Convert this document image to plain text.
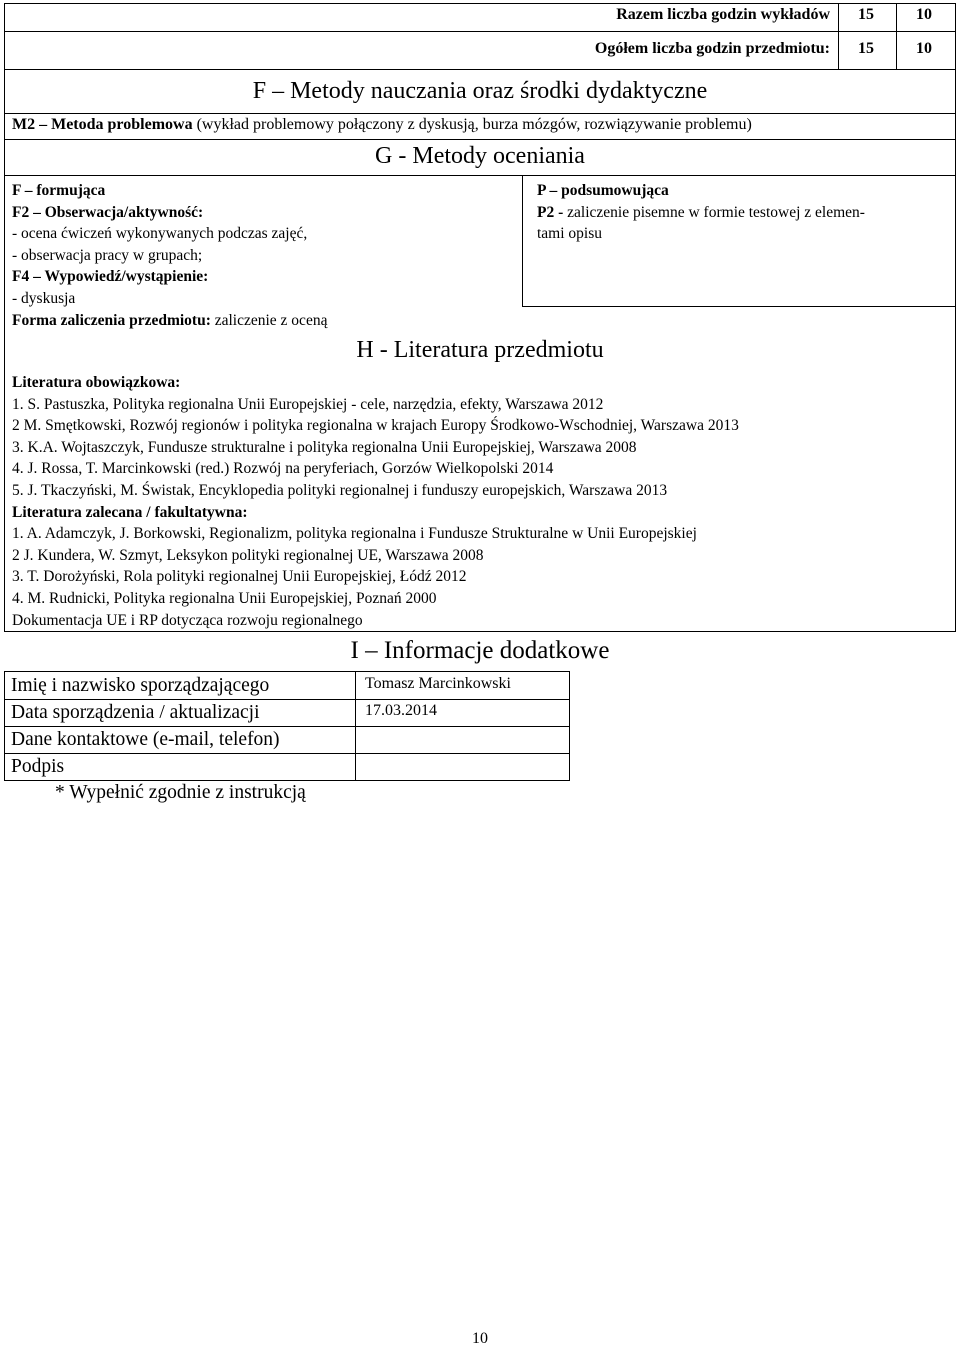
Razem liczba godzin wykładów 15	10
Ogółem liczba godzin przedmiotu: 15	10
F – Metody nauczania oraz środki dydaktyczne
M2 – Metoda problemowa (wykład problemowy połączony z dyskusją, burza mózgów, rozwiązywanie problemu)
G - Metody oceniania
F – formująca
F2 – Obserwacja/aktywność:
- ocena ćwiczeń wykonywanych podczas zajęć,
- obserwacja pracy w grupach;
F4 – Wypowiedź/wystąpienie:
- dyskusja
Forma zaliczenia przedmiotu: zaliczenie z oceną
P – podsumowująca
P2 - zaliczenie pisemne w formie testowej z elemen-
tami opisu
H - Literatura przedmiotu
Literatura obowiązkowa:
1. S. Pastuszka, Polityka regionalna Unii Europejskiej - cele, narzędzia, efekty, Warszawa 2012
2 M. Smętkowski, Rozwój regionów i polityka regionalna w krajach Europy Środkowo-Wschodniej, Warszawa 2013
3. K.A. Wojtaszczyk, Fundusze strukturalne i polityka regionalna Unii Europejskiej, Warszawa 2008
4. J. Rossa, T. Marcinkowski (red.) Rozwój na peryferiach, Gorzów Wielkopolski 2014
5. J. Tkaczyński, M. Świstak, Encyklopedia polityki regionalnej i funduszy europejskich, Warszawa 2013
Literatura zalecana / fakultatywna:
1. A. Adamczyk, J. Borkowski, Regionalizm, polityka regionalna i Fundusze Strukturalne w Unii Europejskiej
2 J. Kundera, W. Szmyt, Leksykon polityki regionalnej UE, Warszawa 2008
3. T. Dorożyński, Rola polityki regionalnej Unii Europejskiej, Łódź 2012
4. M. Rudnicki, Polityka regionalna Unii Europejskiej, Poznań 2000
Dokumentacja UE i RP dotycząca rozwoju regionalnego
I – Informacje dodatkowe
Imię i nazwisko sporządzającego	Tomasz Marcinkowski
Data sporządzenia / aktualizacji	17.03.2014
Dane kontaktowe (e-mail, telefon)
Podpis
* Wypełnić zgodnie z instrukcją
10
